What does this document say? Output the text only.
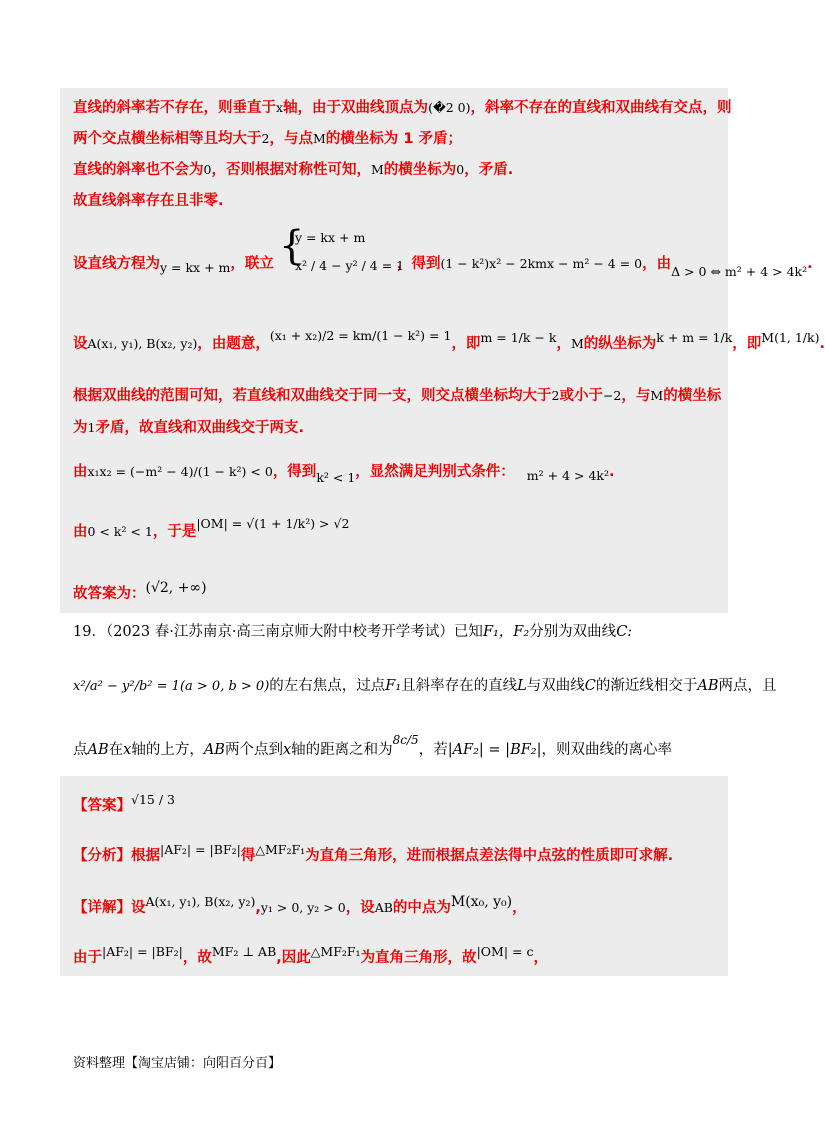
直线的斜率若不存在，则垂直于x轴，由于双曲线顶点为(�2 0)，斜率不存在的直线和双曲线有交点，则
两个交点横坐标相等且均大于2，与点M的横坐标为 1 矛盾；
直线的斜率也不会为0，否则根据对称性可知，M的横坐标为0，矛盾.
故直线斜率存在且非零.
设直线方程为y = kx + m，联立 {
y = kx + m
x² / 4 − y² / 4 = 1
，得到(1 − k²)x² − 2kmx − m² − 4 = 0，由Δ > 0 ⇔ m² + 4 > 4k².
设A(x₁, y₁), B(x₂, y₂)，由题意，(x₁ + x₂)/2 = km/(1 − k²) = 1，即m = 1/k − k，M的纵坐标为k + m = 1/k，即M(1, 1/k).
根据双曲线的范围可知，若直线和双曲线交于同一支，则交点横坐标均大于2或小于−2，与M的横坐标
为1矛盾，故直线和双曲线交于两支.
由x₁x₂ = (−m² − 4)/(1 − k²) < 0，得到k² < 1，显然满足判别式条件： m² + 4 > 4k².
由0 < k² < 1，于是|OM| = √(1 + 1/k²) > √2
故答案为：(√2, +∞)
19．（2023 春·江苏南京·高三南京师大附中校考开学考试）已知F₁，F₂分别为双曲线C:
x²/a² − y²/b² = 1(a > 0, b > 0)的左右焦点，过点F₁且斜率存在的直线L与双曲线C的渐近线相交于AB两点，且
点AB在x轴的上方，AB两个点到x轴的距离之和为$^{8c/5}$，若|AF₂| = |BF₂|，则双曲线的离心率
【答案】√15 / 3
【分析】根据|AF₂| = |BF₂|得△MF₂F₁为直角三角形，进而根据点差法得中点弦的性质即可求解.
【详解】设A(x₁, y₁), B(x₂, y₂),y₁ > 0, y₂ > 0，设AB的中点为M(x₀, y₀)，
由于|AF₂| = |BF₂|，故MF₂ ⊥ AB,因此△MF₂F₁为直角三角形，故|OM| = c，
资料整理【淘宝店铺：向阳百分百】
